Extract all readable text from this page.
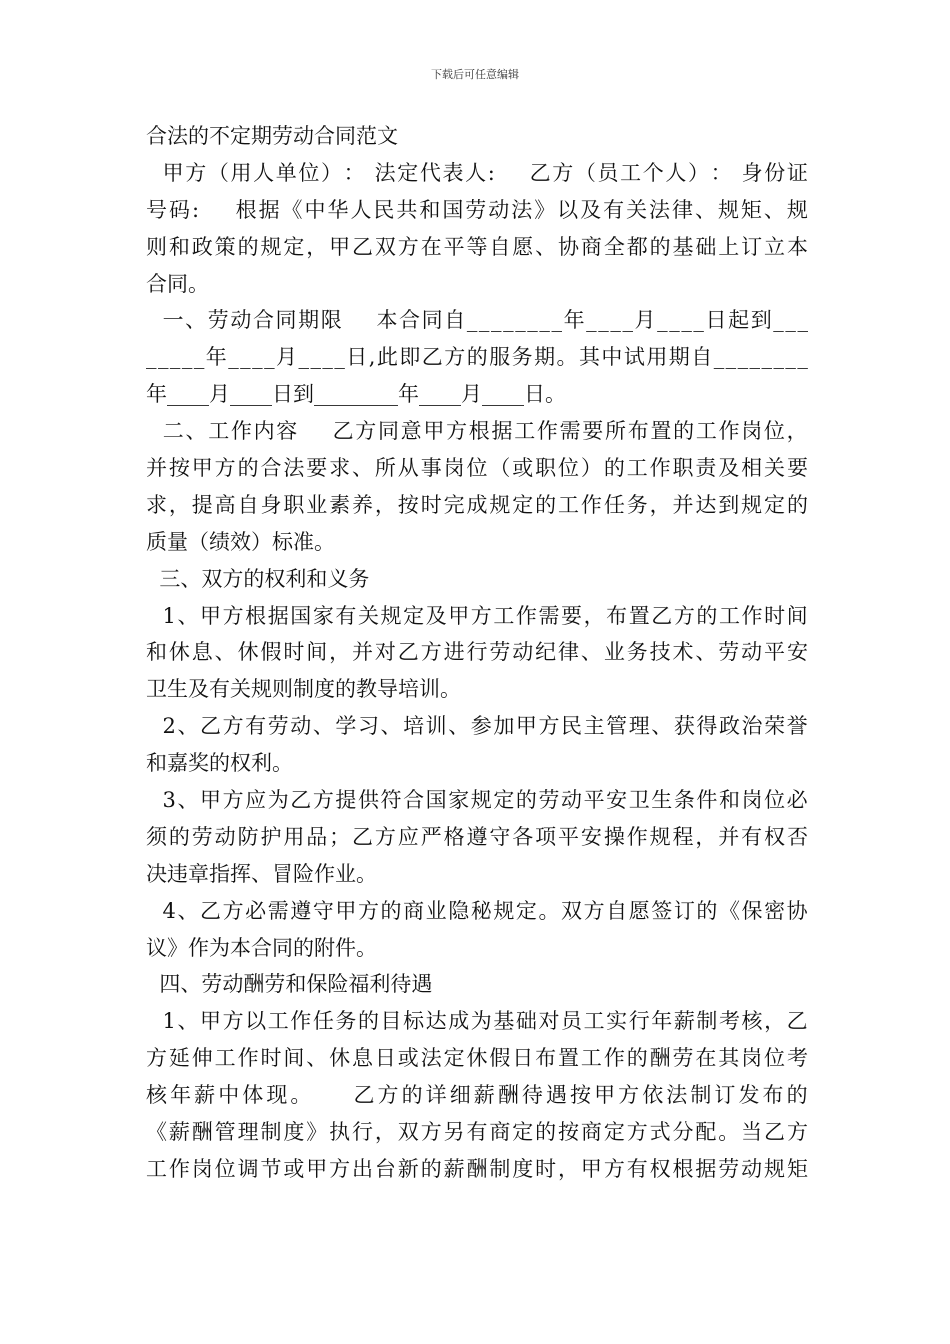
下载后可任意编辑
合法的不定期劳动合同范文

甲 方 （ 用 人 单 位 ） ：
法 定 代 表 人 :

乙 方 （ 员 工 个 人 ） ：
身 份 证
号 码 :

根 据 《 中 华 人 民 共 和 国 劳 动 法 》 以 及 有 关 法 律 、 规 矩 、 规
则 和 政 策 的 规 定 ， 甲 乙 双 方 在 平 等 自 愿 、 协 商 全 都 的 基 础 上 订 立 本
合同。

一 、 劳 动 合 同 期 限

本 合 同 自 _ _ _ _ _ _ _ _ 年 _ _ _ _ 月 _ _ _ _ 日 起 到 _ _ _
_ _ _ _ _ 年 _ _ _ _ 月 _ _ _ _ 日 , 此 即 乙 方 的 服 务 期 。 其 中 试 用 期 自 _ _ _ _ _ _ _ _
年____月____日到________年____月____日。

二 、 工 作 内 容

乙 方 同 意 甲 方 根 据 工 作 需 要 所 布 置 的 工 作 岗 位 ，
并 按 甲 方 的 合 法 要 求 、 所 从 事 岗 位 （ 或 职 位 ） 的 工 作 职 责 及 相 关 要
求 ， 提 高 自 身 职 业 素 养 ， 按 时 完 成 规 定 的 工 作 任 务 ， 并 达 到 规 定 的
质量（绩效）标准。
三、双方的权利和义务

1 、 甲 方 根 据 国 家 有 关 规 定 及 甲 方 工 作 需 要 ， 布 置 乙 方 的 工 作 时 间
和 休 息 、 休 假 时 间 ， 并 对 乙 方 进 行 劳 动 纪 律 、 业 务 技 术 、 劳 动 平 安
卫生及有关规则制度的教导培训。

2 、 乙 方 有 劳 动 、 学 习 、 培 训 、 参 加 甲 方 民 主 管 理 、 获 得 政 治 荣 誉
和嘉奖的权利。

3 、 甲 方 应 为 乙 方 提 供 符 合 国 家 规 定 的 劳 动 平 安 卫 生 条 件 和 岗 位 必
须 的 劳 动 防 护 用 品 ； 乙 方 应 严 格 遵 守 各 项 平 安 操 作 规 程 ， 并 有 权 否
决违章指挥、冒险作业。

4 、 乙 方 必 需 遵 守 甲 方 的 商 业 隐 秘 规 定 。 双 方 自 愿 签 订 的 《 保 密 协
议》作为本合同的附件。
四、劳动酬劳和保险福利待遇

1 、 甲 方 以 工 作 任 务 的 目 标 达 成 为 基 础 对 员 工 实 行 年 薪 制 考 核 ， 乙
方 延 伸 工 作 时 间 、 休 息 日 或 法 定 休 假 日 布 置 工 作 的 酬 劳 在 其 岗 位 考
核 年 薪 中 体 现 。

乙 方 的 详 细 薪 酬 待 遇 按 甲 方 依 法 制 订 发 布 的
《 薪 酬 管 理 制 度 》 执 行 ， 双 方 另 有 商 定 的 按 商 定 方 式 分 配 。 当 乙 方
工 作 岗 位 调 节 或 甲 方 出 台 新 的 薪 酬 制 度 时 ， 甲 方 有 权 根 据 劳 动 规 矩
